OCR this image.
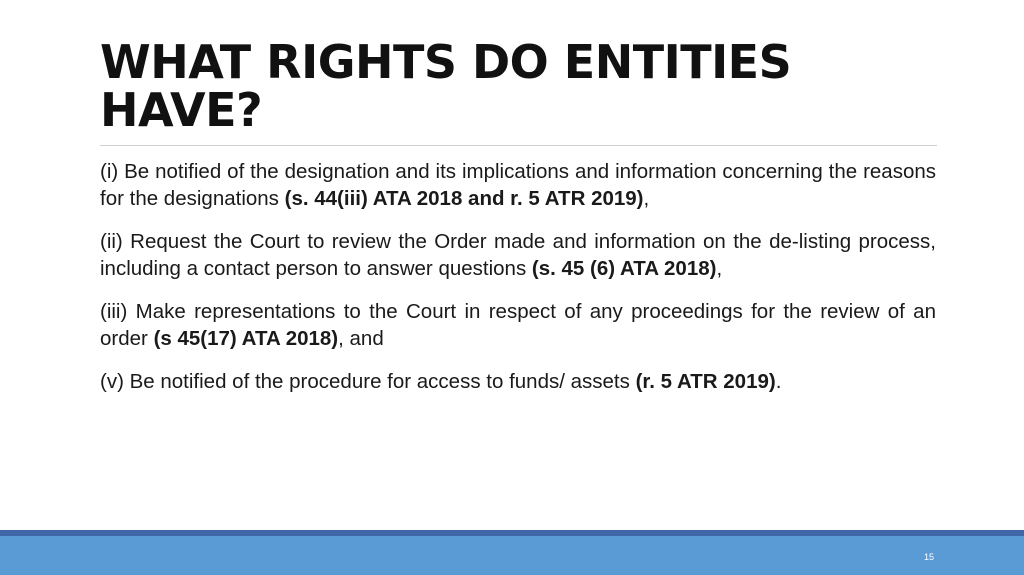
WHAT RIGHTS DO ENTITIES HAVE?

(i) Be notified of the designation and its implications and information concerning the reasons for the designations (s. 44(iii) ATA 2018 and r. 5 ATR 2019),

(ii) Request the Court to review the Order made and information on the de-listing process, including a contact person to answer questions (s. 45 (6) ATA 2018),

(iii) Make representations to the Court in respect of any proceedings for the review of an order (s 45(17) ATA 2018), and

(v) Be notified of the procedure for access to funds/ assets (r. 5 ATR 2019).

15
